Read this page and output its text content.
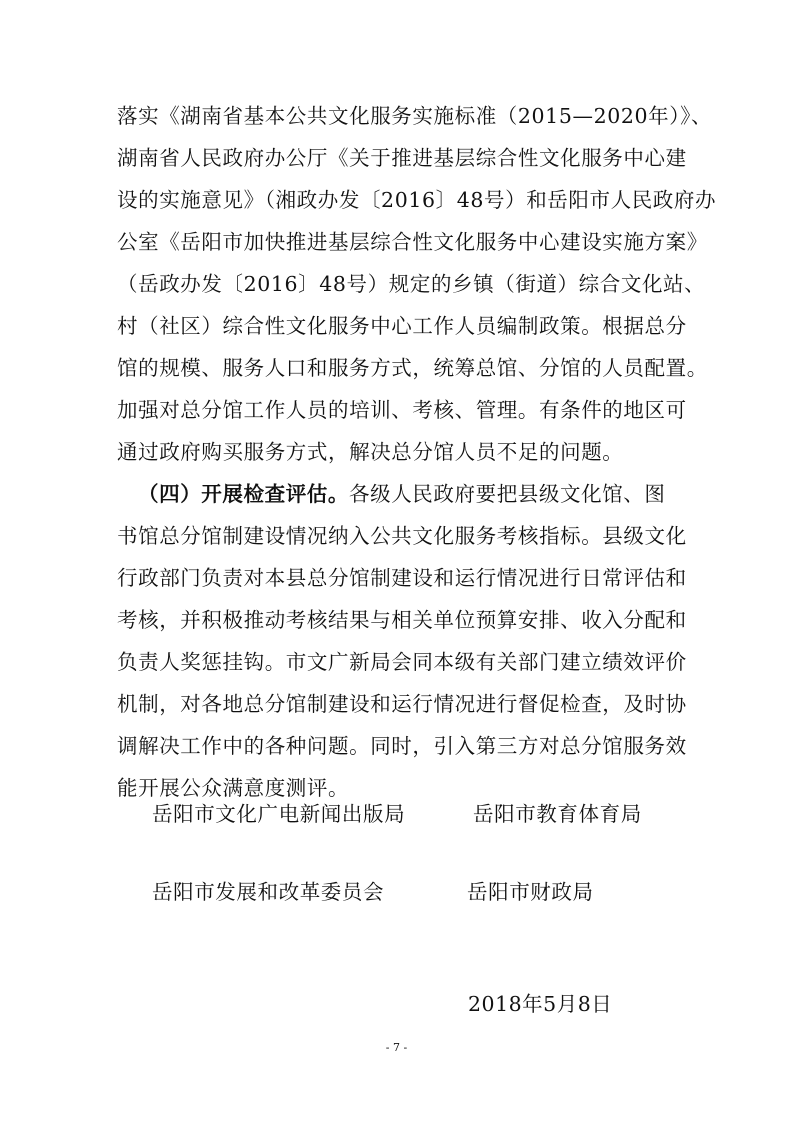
落实《湖南省基本公共文化服务实施标准（2015—2020年）》、
湖南省人民政府办公厅《关于推进基层综合性文化服务中心建
设的实施意见》（湘政办发〔2016〕48号）和岳阳市人民政府办
公室《岳阳市加快推进基层综合性文化服务中心建设实施方案》
（岳政办发〔2016〕48号）规定的乡镇（街道）综合文化站、
村（社区）综合性文化服务中心工作人员编制政策。根据总分
馆的规模、服务人口和服务方式，统筹总馆、分馆的人员配置。
加强对总分馆工作人员的培训、考核、管理。有条件的地区可
通过政府购买服务方式，解决总分馆人员不足的问题。
（四）开展检查评估。各级人民政府要把县级文化馆、图
书馆总分馆制建设情况纳入公共文化服务考核指标。县级文化
行政部门负责对本县总分馆制建设和运行情况进行日常评估和
考核，并积极推动考核结果与相关单位预算安排、收入分配和
负责人奖惩挂钩。市文广新局会同本级有关部门建立绩效评价
机制，对各地总分馆制建设和运行情况进行督促检查，及时协
调解决工作中的各种问题。同时，引入第三方对总分馆服务效
能开展公众满意度测评。
岳阳市文化广电新闻出版局	岳阳市教育体育局
岳阳市发展和改革委员会	岳阳市财政局
2018年5月8日
- 7 -
